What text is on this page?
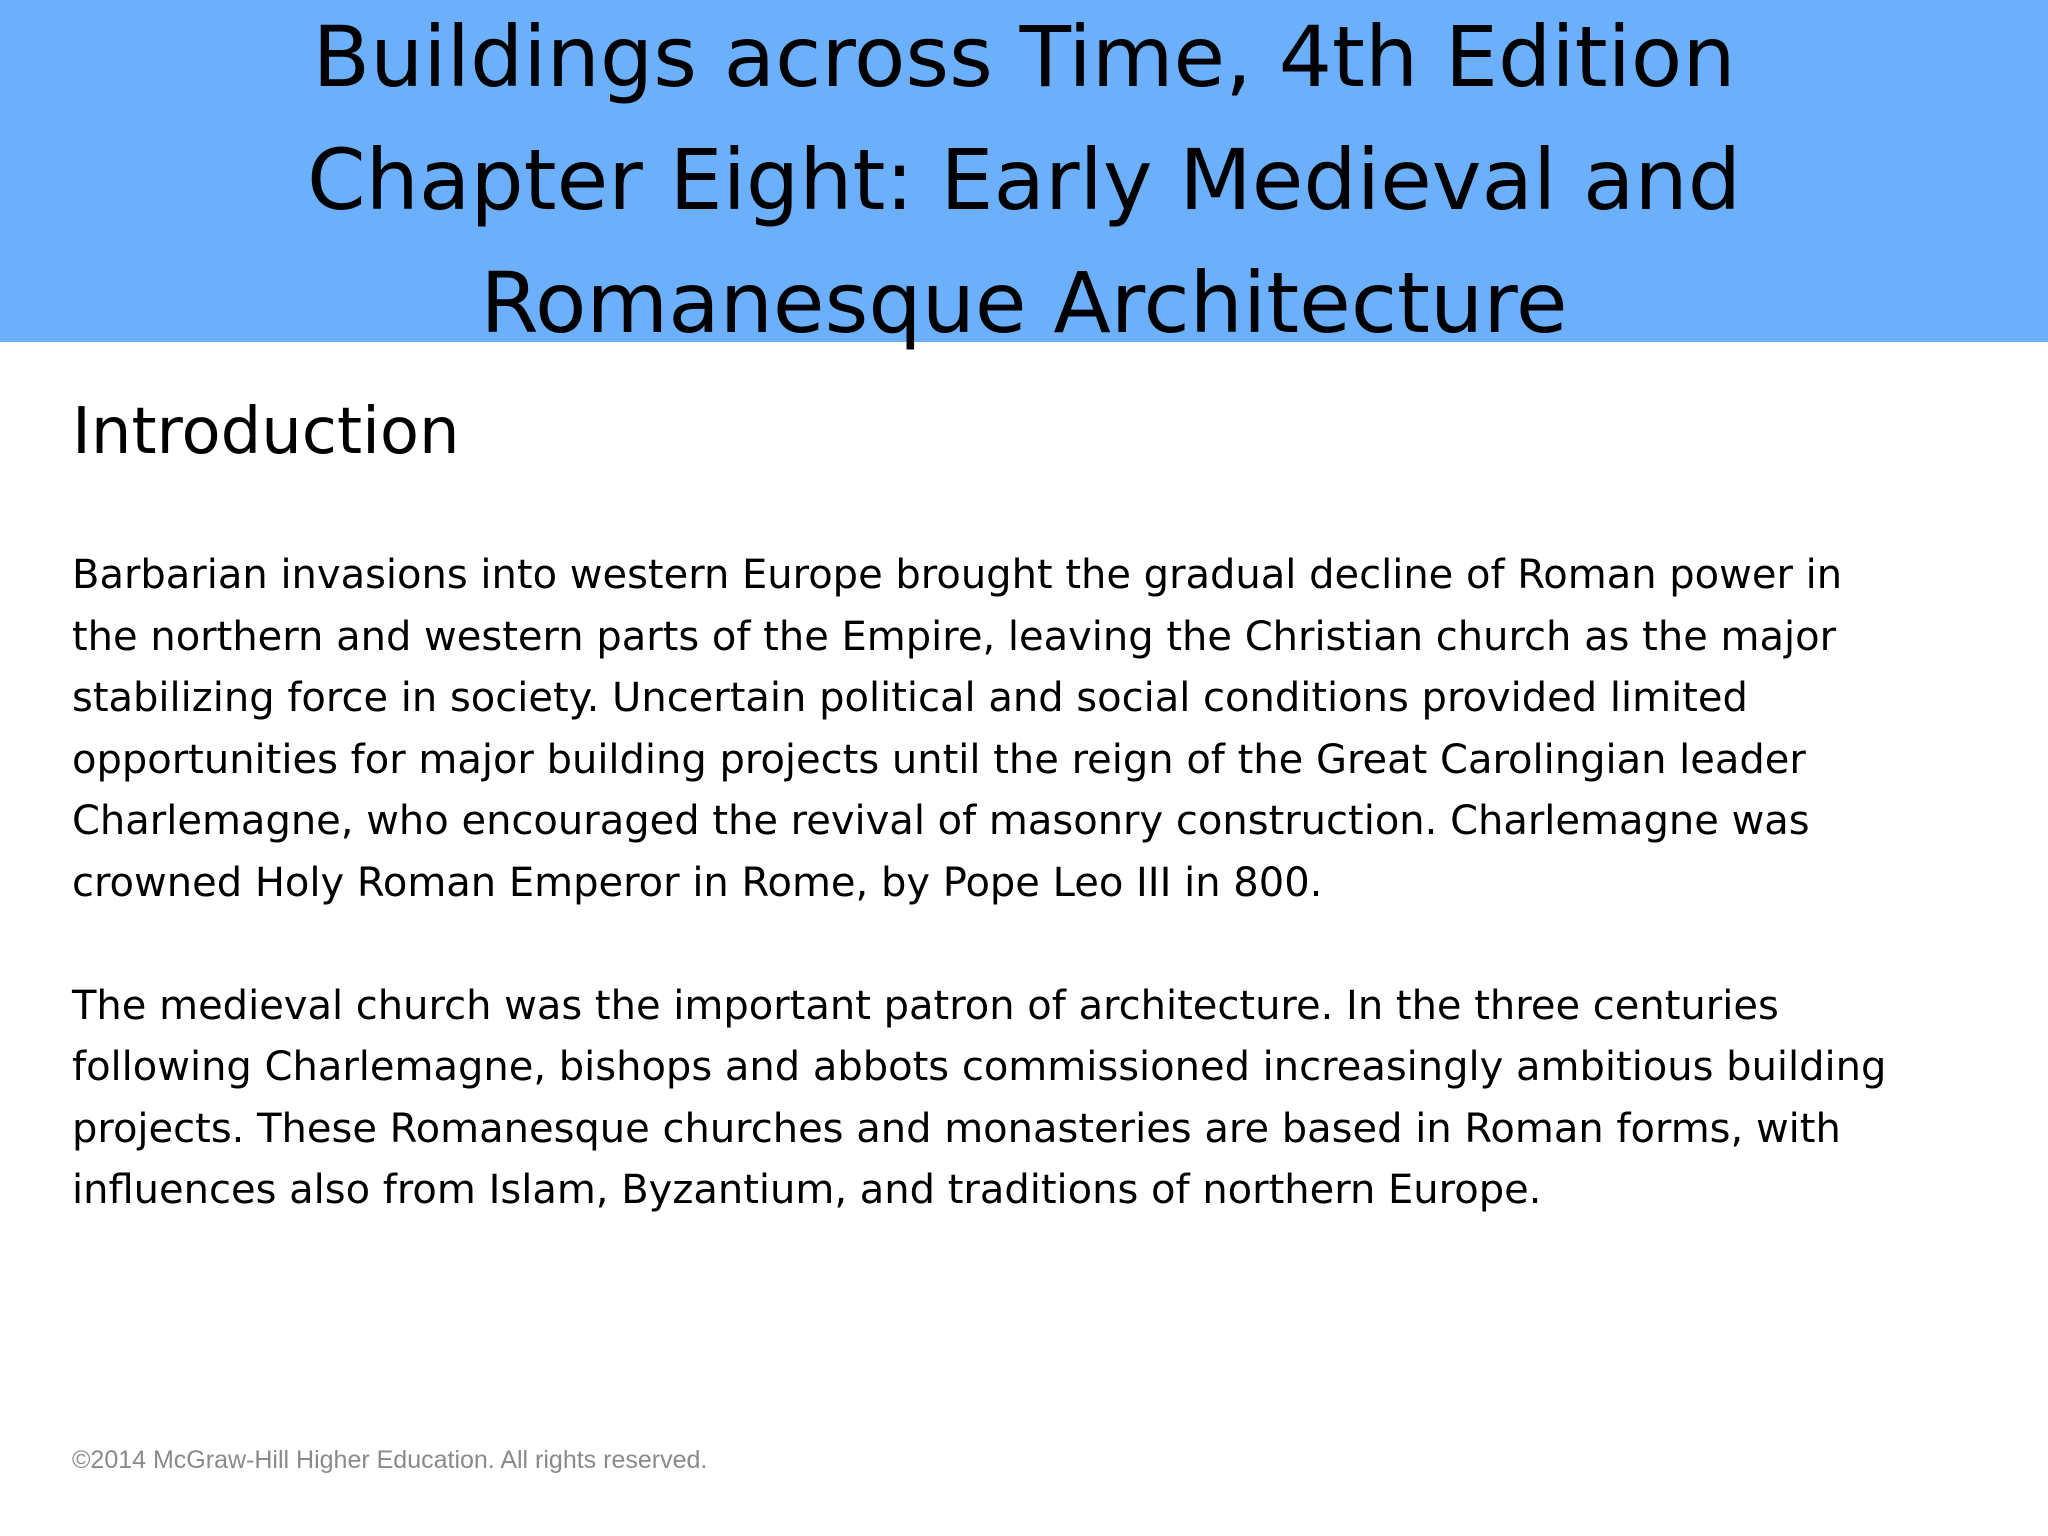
Buildings across Time, 4th Edition
Chapter Eight: Early Medieval and
Romanesque Architecture
Introduction

Barbarian invasions into western Europe brought the gradual decline of Roman power in
the northern and western parts of the Empire, leaving the Christian church as the major
stabilizing force in society. Uncertain political and social conditions provided limited
opportunities for major building projects until the reign of the Great Carolingian leader
Charlemagne, who encouraged the revival of masonry construction. Charlemagne was
crowned Holy Roman Emperor in Rome, by Pope Leo III in 800.

The medieval church was the important patron of architecture. In the three centuries
following Charlemagne, bishops and abbots commissioned increasingly ambitious building
projects. These Romanesque churches and monasteries are based in Roman forms, with
influences also from Islam, Byzantium, and traditions of northern Europe.

©2014 McGraw-Hill Higher Education. All rights reserved.
